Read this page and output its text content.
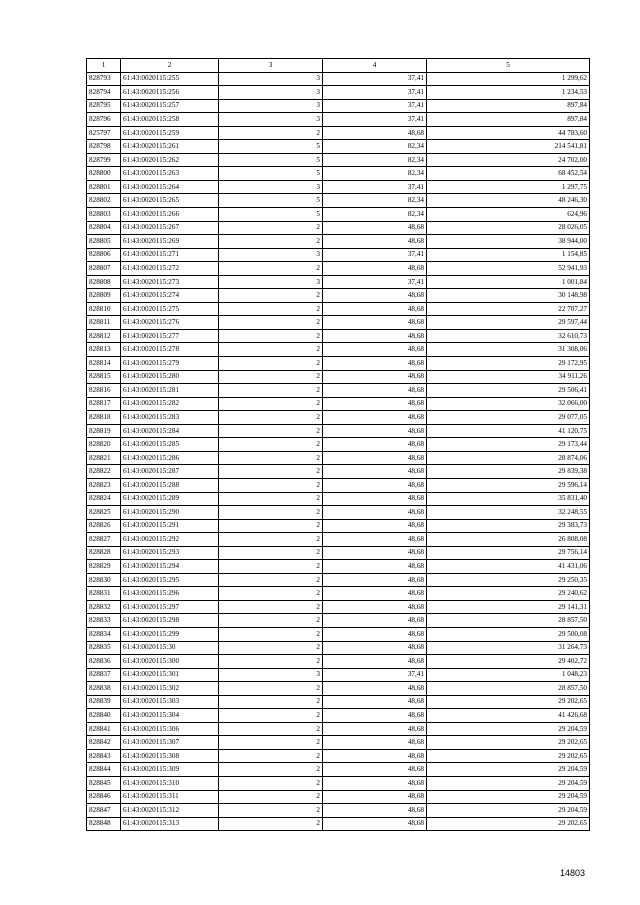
1	2	3	4	5
828793	61:43:0020115:255	3	37,41	1 299,62
828794	61:43:0020115:256	3	37,41	1 234,53
828795	61:43:0020115:257	3	37,41	897,84
828796	61:43:0020115:258	3	37,41	897,84
825797	61:43:0020115:259	2	48,68	44 783,60
828798	61:43:0020115:261	5	82,34	214 541,81
828799	61:43:0020115:262	5	82,34	24 702,00
828800	61:43:0020115:263	5	82,34	68 452,54
828801	61:43:0020115:264	3	37,41	1 297,75
828802	61:43:0020115:265	5	82,34	48 246,30
828803	61:43:0020115:266	5	82,34	624,96
828804	61:43:0020115:267	2	48,68	28 026,05
828805	61:43:0020115:269	2	48,68	38 944,00
828806	61:43:0020115:271	3	37,41	1 154,85
828807	61:43:0020115:272	2	48,68	52 941,93
828808	61:43:0020115:273	3	37,41	1 001,84
828809	61:43:0020115:274	2	48,68	30 148,98
828810	61:43:0020115:275	2	48,68	22 707,27
828811	61:43:0020115:276	2	48,68	29 597,44
828812	61:43:0020115:277	2	48,68	32 610,73
828813	61:43:0020115:278	2	48,68	31 308,06
828814	61:43:0020115:279	2	48,68	29 172,95
828815	61:43:0020115:280	2	48,68	34 911,26
828816	61:43:0020115:281	2	48,68	29 506,41
828817	61:43:0020115:282	2	48,68	32 066,00
828818	61:43:0020115:283	2	48,68	29 077,05
828819	61:43:0020115:284	2	48,68	41 120,75
828820	61:43:0020115:285	2	48,68	29 173,44
828821	61:43:0020115:286	2	48,68	28 874,06
828822	61:43:0020115:287	2	48,68	29 839,38
828823	61:43:0020115:288	2	48,68	29 596,14
828824	61:43:0020115:289	2	48,68	35 831,40
828825	61:43:0020115:290	2	48,68	32 248,55
828826	61:43:0020115:291	2	48,68	29 383,73
828827	61:43:0020115:292	2	48,68	26 808,08
828828	61:43:0020115:293	2	48,68	29 756,14
828829	61:43:0020115:294	2	48,68	41 431,06
828830	61:43:0020115:295	2	48,68	29 250,35
828831	61:43:0020115:296	2	48,68	29 240,62
828832	61:43:0020115:297	2	48,68	29 141,31
828833	61:43:0020115:298	2	48,68	28 857,50
828834	61:43:0020115:299	2	48,68	29 500,08
828835	61:43:0020115:30	2	48,68	31 264,73
828836	61:43:0020115:300	2	48,68	29 402,72
828837	61:43:0020115:301	3	37,41	1 048,23
828838	61:43:0020115:302	2	48,68	28 857,50
828839	61:43:0020115:303	2	48,68	29 202,65
828840	61:43:0020115:304	2	48,68	41 426,68
828841	61:43:0020115:306	2	48,68	29 204,59
828842	61:43:0020115:307	2	48,68	29 202,65
828843	61:43:0020115:308	2	48,68	29 202,65
828844	61:43:0020115:309	2	48,68	29 204,59
828845	61:43:0020115:310	2	48,68	29 204,59
828846	61:43:0020115:311	2	48,68	29 204,59
828847	61:43:0020115:312	2	48,68	29 204,59
828848	61:43:0020115:313	2	48,68	29 202,65
14803
